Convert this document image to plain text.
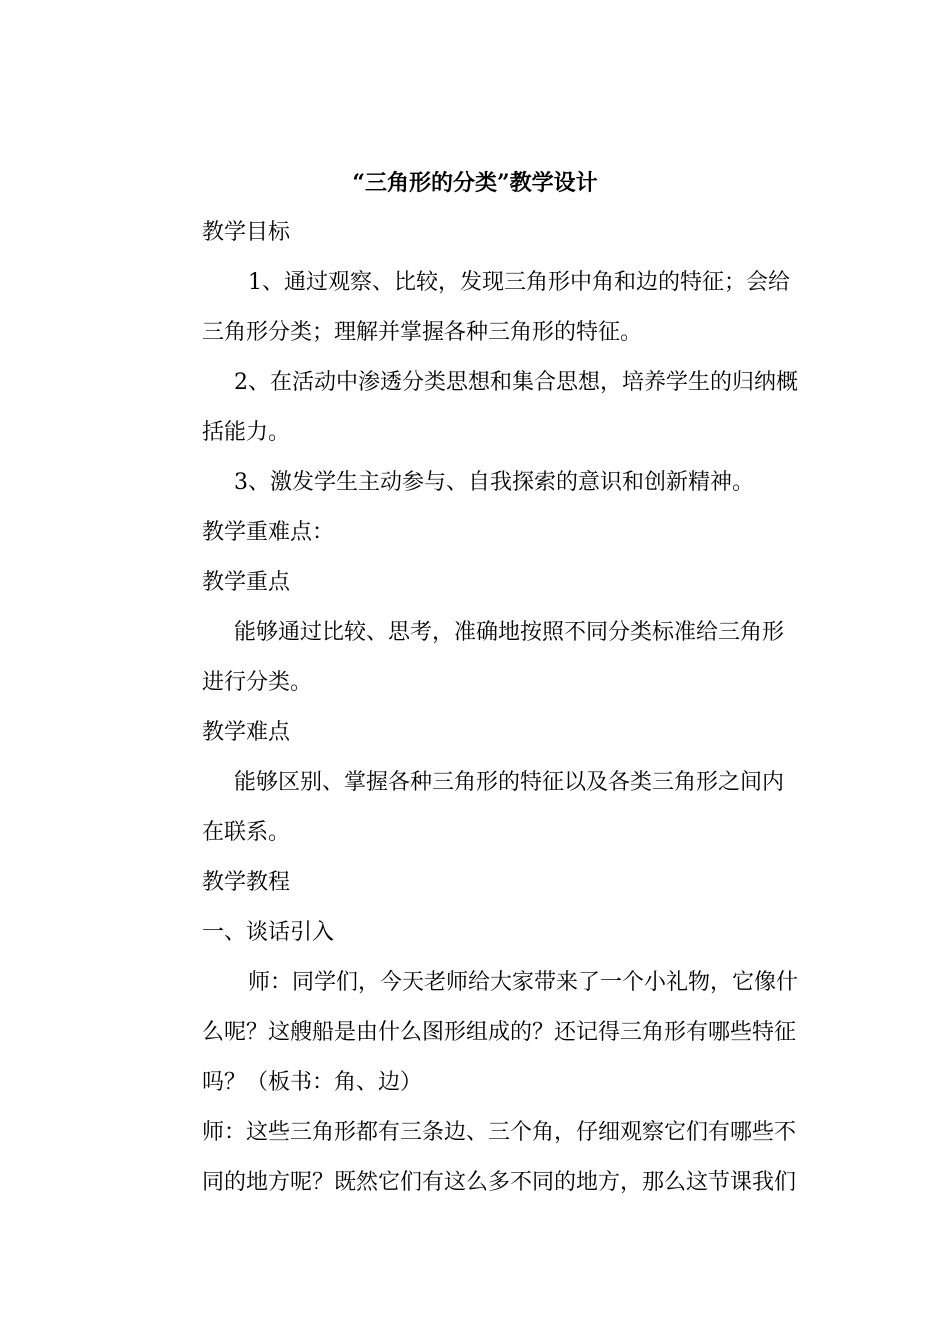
“三角形的分类”教学设计
教学目标
1、通过观察、比较，发现三角形中角和边的特征；会给
三角形分类；理解并掌握各种三角形的特征。
2、在活动中渗透分类思想和集合思想，培养学生的归纳概
括能力。
3、激发学生主动参与、自我探索的意识和创新精神。
教学重难点：
教学重点
能够通过比较、思考，准确地按照不同分类标准给三角形
进行分类。
教学难点
能够区别、掌握各种三角形的特征以及各类三角形之间内
在联系。
教学教程
一、谈话引入
师：同学们，今天老师给大家带来了一个小礼物，它像什
么呢？这艘船是由什么图形组成的？还记得三角形有哪些特征
吗？（板书：角、边）
师：这些三角形都有三条边、三个角，仔细观察它们有哪些不
同的地方呢？既然它们有这么多不同的地方，那么这节课我们
